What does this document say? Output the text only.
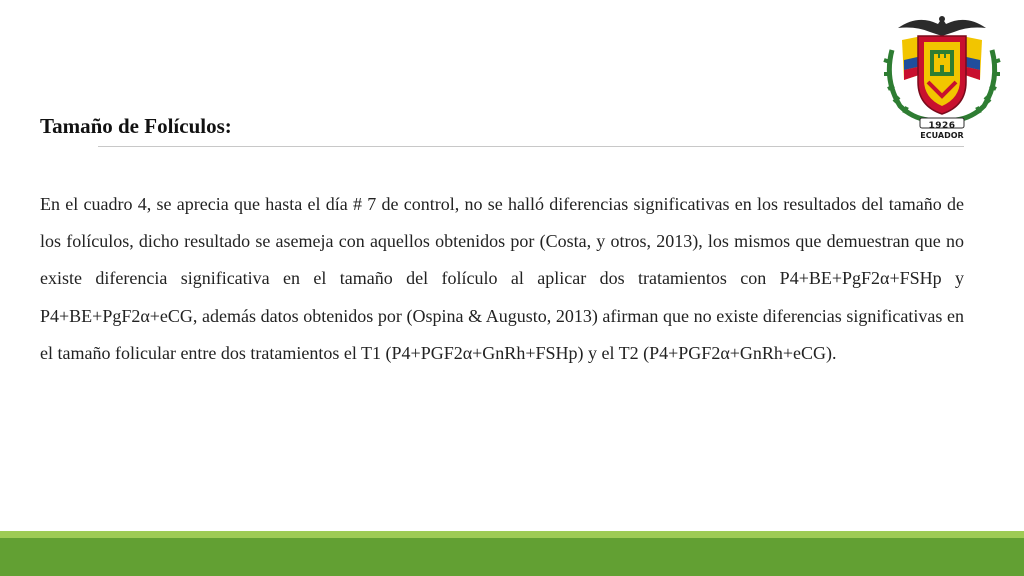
1926
ECUADOR
Tamaño de Folículos:
En el cuadro 4, se aprecia que hasta el día # 7 de control, no se halló diferencias significativas en los resultados del tamaño de los folículos, dicho resultado se asemeja con aquellos obtenidos por (Costa, y otros, 2013), los mismos que demuestran que no existe diferencia significativa en el tamaño del folículo al aplicar dos tratamientos con P4+BE+PgF2α+FSHp y P4+BE+PgF2α+eCG, además datos obtenidos por (Ospina & Augusto, 2013) afirman que no existe diferencias significativas en el tamaño folicular entre dos tratamientos el T1 (P4+PGF2α+GnRh+FSHp) y el T2 (P4+PGF2α+GnRh+eCG).
